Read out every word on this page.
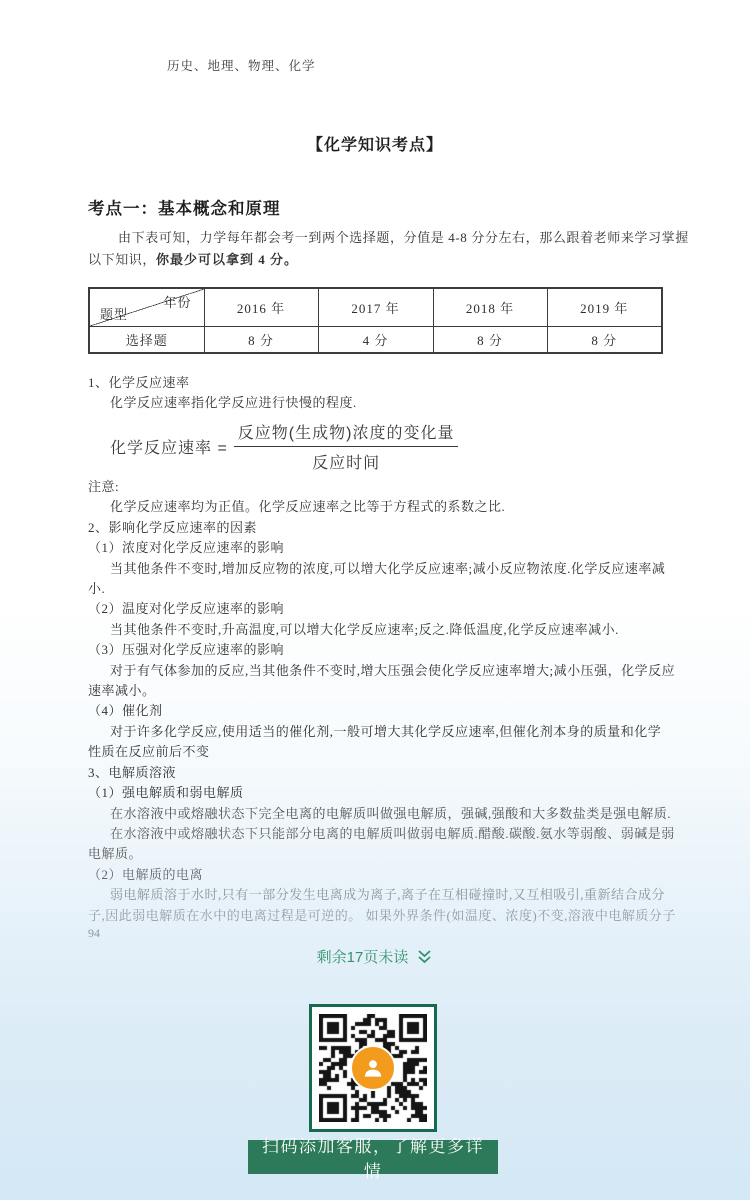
历史、地理、物理、化学
【化学知识考点】
考点一：基本概念和原理
由下表可知，力学每年都会考一到两个选择题，分值是 4-8 分分左右，那么跟着老师来学习掌握
以下知识，你最少可以拿到 4 分。
年份
题型	2016 年	2017 年	2018 年	2019 年
选择题	8 分	4 分	8 分	8 分
1、化学反应速率
化学反应速率指化学反应进行快慢的程度.
化学反应速率 = $\frac{\text{反应物(生成物)浓度的变化量}}{\text{反应时间}}$
注意:
化学反应速率均为正值。化学反应速率之比等于方程式的系数之比.
2、影响化学反应速率的因素
（1）浓度对化学反应速率的影响
当其他条件不变时,增加反应物的浓度,可以增大化学反应速率;减小反应物浓度.化学反应速率减
小.
（2）温度对化学反应速率的影响
当其他条件不变时,升高温度,可以增大化学反应速率;反之.降低温度,化学反应速率减小.
（3）压强对化学反应速率的影响
对于有气体参加的反应,当其他条件不变时,增大压强会使化学反应速率增大;减小压强，化学反应
速率减小。
（4）催化剂
对于许多化学反应,使用适当的催化剂,一般可增大其化学反应速率,但催化剂本身的质量和化学
性质在反应前后不变
3、电解质溶液
（1）强电解质和弱电解质
在水溶液中或熔融状态下完全电离的电解质叫做强电解质，强碱,强酸和大多数盐类是强电解质.
在水溶液中或熔融状态下只能部分电离的电解质叫做弱电解质.醋酸.碳酸.氨水等弱酸、弱碱是弱
电解质。
（2）电解质的电离
弱电解质溶于水时,只有一部分发生电离成为离子,离子在互相碰撞时,又互相吸引,重新结合成分
子,因此弱电解质在水中的电离过程是可逆的。 如果外界条件(如温度、浓度)不变,溶液中电解质分子
94
剩余17页未读
扫码添加客服，了解更多详情
